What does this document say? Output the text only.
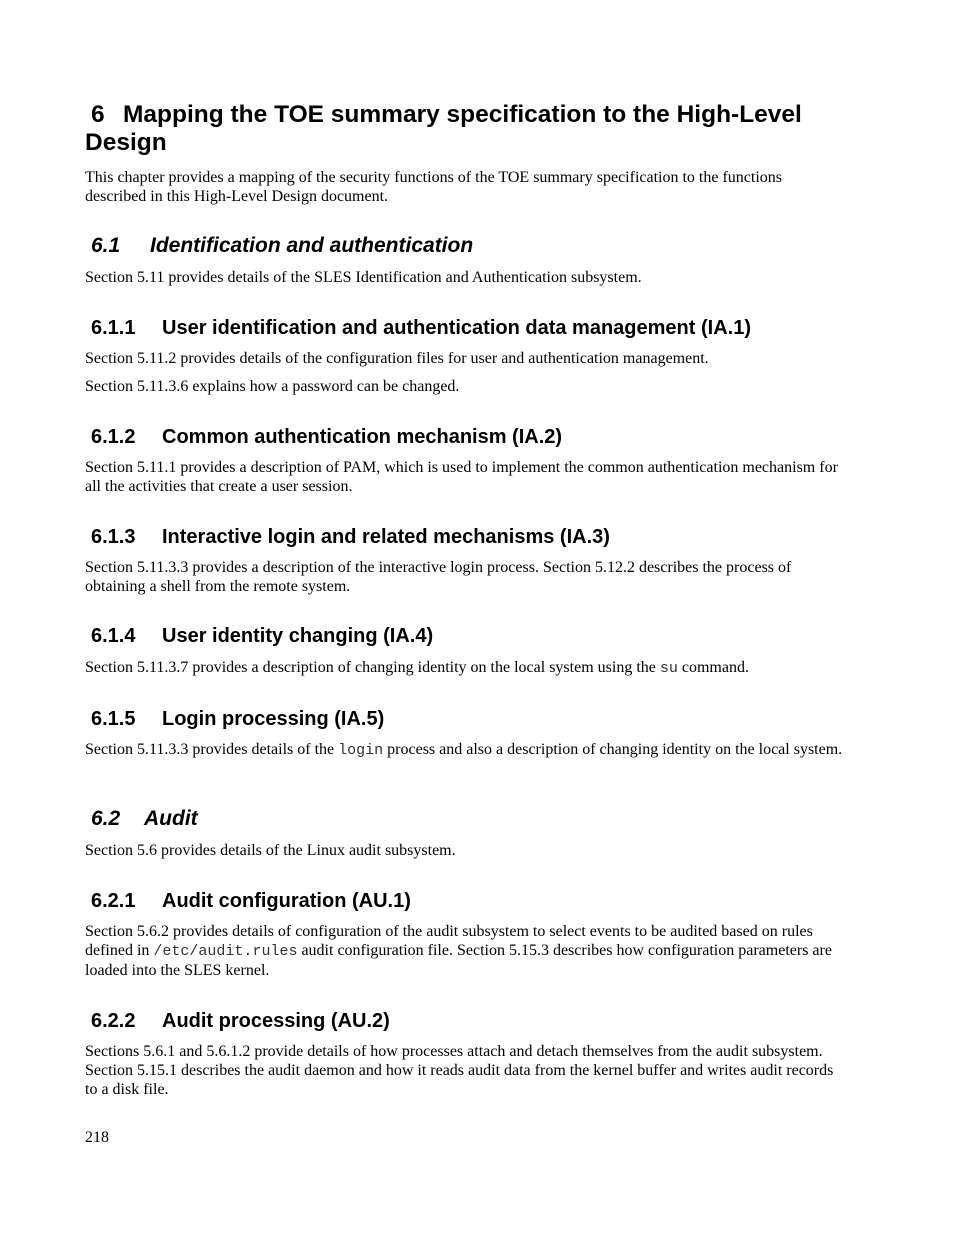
6 Mapping the TOE summary specification to the High-Level Design

This chapter provides a mapping of the security functions of the TOE summary specification to the functions described in this High-Level Design document.

6.1 Identification and authentication

Section 5.11 provides details of the SLES Identification and Authentication subsystem.

6.1.1 User identification and authentication data management (IA.1)

Section 5.11.2 provides details of the configuration files for user and authentication management.

Section 5.11.3.6 explains how a password can be changed.

6.1.2 Common authentication mechanism (IA.2)

Section 5.11.1 provides a description of PAM, which is used to implement the common authentication mechanism for all the activities that create a user session.

6.1.3 Interactive login and related mechanisms (IA.3)

Section 5.11.3.3 provides a description of the interactive login process. Section 5.12.2 describes the process of obtaining a shell from the remote system.

6.1.4 User identity changing (IA.4)

Section 5.11.3.7 provides a description of changing identity on the local system using the su command.

6.1.5 Login processing (IA.5)

Section 5.11.3.3 provides details of the login process and also a description of changing identity on the local system.

6.2 Audit

Section 5.6 provides details of the Linux audit subsystem.

6.2.1 Audit configuration (AU.1)

Section 5.6.2 provides details of configuration of the audit subsystem to select events to be audited based on rules defined in /etc/audit.rules audit configuration file. Section 5.15.3 describes how configuration parameters are loaded into the SLES kernel.

6.2.2 Audit processing (AU.2)

Sections 5.6.1 and 5.6.1.2 provide details of how processes attach and detach themselves from the audit subsystem. Section 5.15.1 describes the audit daemon and how it reads audit data from the kernel buffer and writes audit records to a disk file.

218
